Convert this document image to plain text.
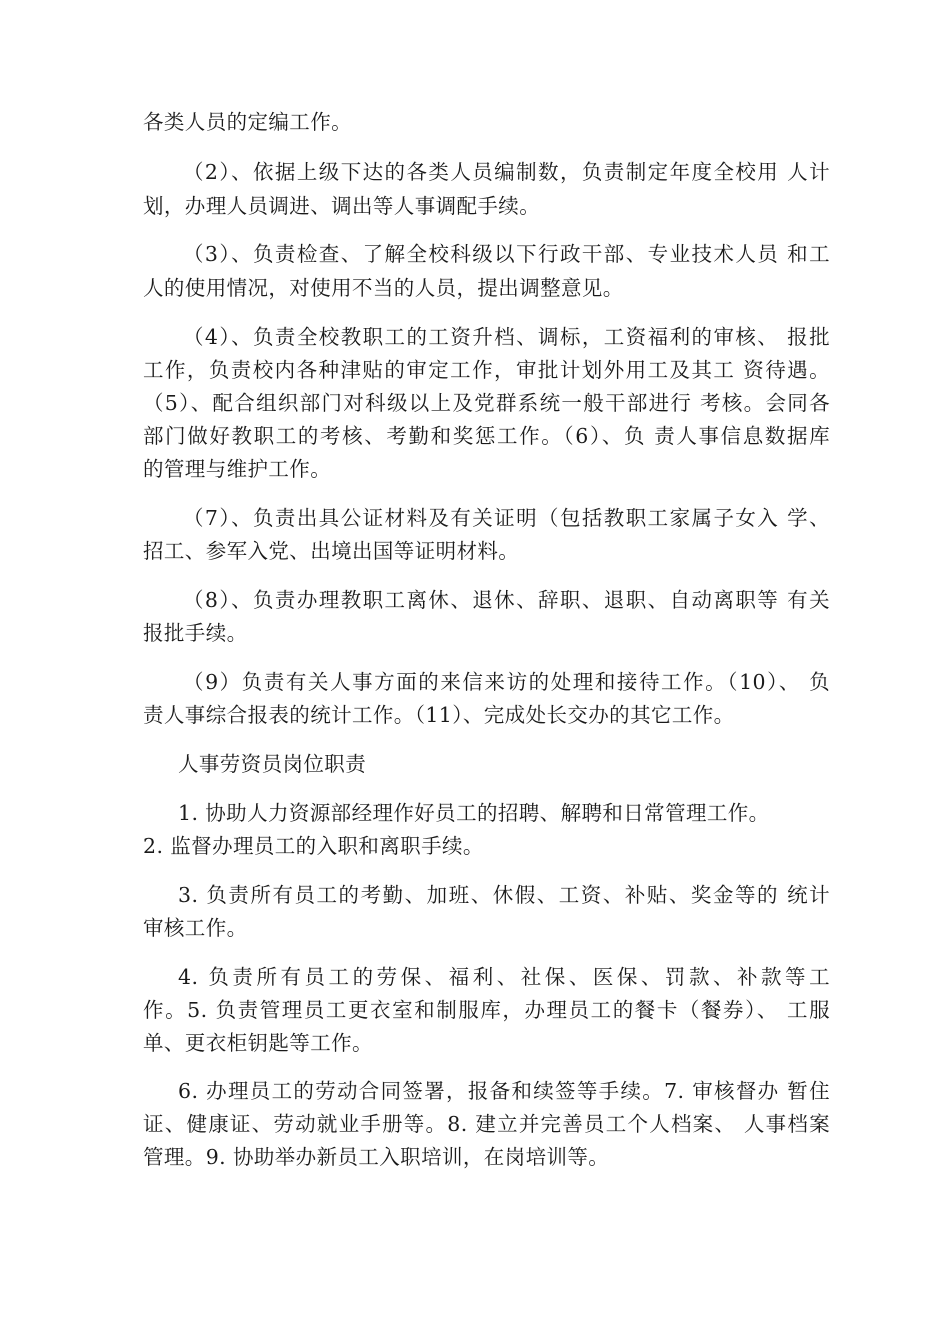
各类人员的定编工作。
（2）、依据上级下达的各类人员编制数，负责制定年度全校用 人计
划，办理人员调进、调出等人事调配手续。
（3）、负责检查、了解全校科级以下行政干部、专业技术人员 和工
人的使用情况，对使用不当的人员，提出调整意见。
（4）、负责全校教职工的工资升档、调标，工资福利的审核、 报批
工作，负责校内各种津贴的审定工作，审批计划外用工及其工 资待遇。
（5）、配合组织部门对科级以上及党群系统一般干部进行 考核。会同各
部门做好教职工的考核、考勤和奖惩工作。（6）、负 责人事信息数据库
的管理与维护工作。
（7）、负责出具公证材料及有关证明（包括教职工家属子女入 学、
招工、参军入党、出境出国等证明材料。
（8）、负责办理教职工离休、退休、辞职、退职、自动离职等 有关
报批手续。
（9）负责有关人事方面的来信来访的处理和接待工作。（10）、 负
责人事综合报表的统计工作。（11）、完成处长交办的其它工作。
人事劳资员岗位职责
1. 协助人力资源部经理作好员工的招聘、解聘和日常管理工作。
2. 监督办理员工的入职和离职手续。
3. 负责所有员工的考勤、加班、休假、工资、补贴、奖金等的 统计
审核工作。
4. 负责所有员工的劳保、福利、社保、医保、罚款、补款等工
作。5. 负责管理员工更衣室和制服库，办理员工的餐卡（餐券）、 工服
单、更衣柜钥匙等工作。
6. 办理员工的劳动合同签署，报备和续签等手续。7. 审核督办 暂住
证、健康证、劳动就业手册等。8. 建立并完善员工个人档案、 人事档案
管理。9. 协助举办新员工入职培训，在岗培训等。
